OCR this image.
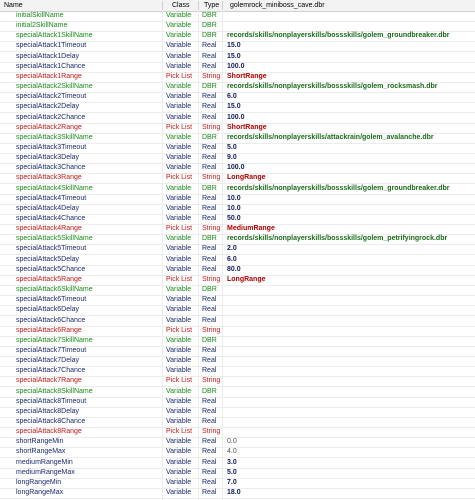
Name	Class Type golemrock_miniboss_cave.dbr
initialSkillName	Variable DBR
initial2SkillName	Variable DBR
specialAttack1SkillName	Variable DBR records/skills/nonplayerskills/bossskills/golem_groundbreaker.dbr
specialAttack1Timeout	Variable Real 15.0
specialAttack1Delay	Variable Real 15.0
specialAttack1Chance	Variable Real 100.0
specialAttack1Range	Pick List String ShortRange
specialAttack2SkillName	Variable DBR records/skills/nonplayerskills/bossskills/golem_rocksmash.dbr
specialAttack2Timeout	Variable Real 6.0
specialAttack2Delay	Variable Real 15.0
specialAttack2Chance	Variable Real 100.0
specialAttack2Range	Pick List String ShortRange
specialAttack3SkillName	Variable DBR records/skills/nonplayerskills/attackrain/golem_avalanche.dbr
specialAttack3Timeout	Variable Real 5.0
specialAttack3Delay	Variable Real 9.0
specialAttack3Chance	Variable Real 100.0
specialAttack3Range	Pick List String LongRange
specialAttack4SkillName	Variable DBR records/skills/nonplayerskills/bossskills/golem_groundbreaker.dbr
specialAttack4Timeout	Variable Real 10.0
specialAttack4Delay	Variable Real 10.0
specialAttack4Chance	Variable Real 50.0
specialAttack4Range	Pick List String MediumRange
specialAttack5SkillName	Variable DBR records/skills/nonplayerskills/bossskills/golem_petrifyingrock.dbr
specialAttack5Timeout	Variable Real 2.0
specialAttack5Delay	Variable Real 6.0
specialAttack5Chance	Variable Real 80.0
specialAttack5Range	Pick List String LongRange
specialAttack6SkillName	Variable DBR
specialAttack6Timeout	Variable Real
specialAttack6Delay	Variable Real
specialAttack6Chance	Variable Real
specialAttack6Range	Pick List String
specialAttack7SkillName	Variable DBR
specialAttack7Timeout	Variable Real
specialAttack7Delay	Variable Real
specialAttack7Chance	Variable Real
specialAttack7Range	Pick List String
specialAttack8SkillName	Variable DBR
specialAttack8Timeout	Variable Real
specialAttack8Delay	Variable Real
specialAttack8Chance	Variable Real
specialAttack8Range	Pick List String
shortRangeMin	Variable Real 0.0
shortRangeMax	Variable Real 4.0
mediumRangeMin	Variable Real 3.0
mediumRangeMax	Variable Real 5.0
longRangeMin	Variable Real 7.0
longRangeMax	Variable Real 18.0
